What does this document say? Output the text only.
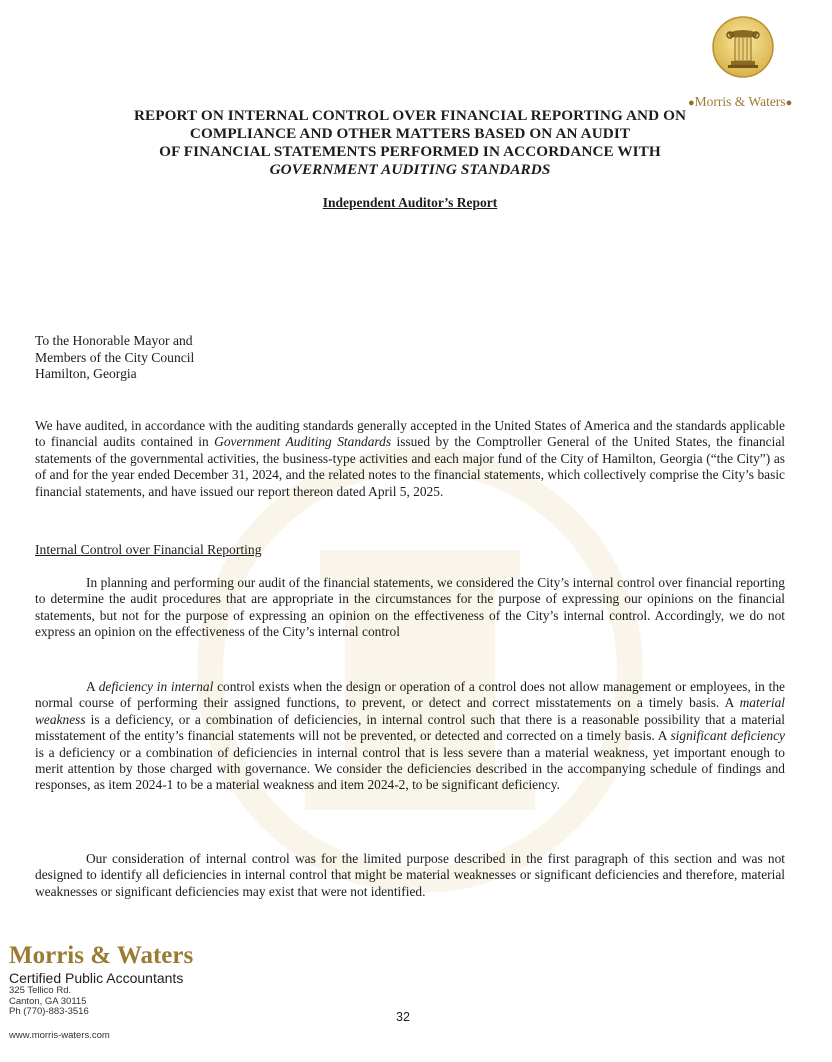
●Morris & Waters●
REPORT ON INTERNAL CONTROL OVER FINANCIAL REPORTING AND ON
COMPLIANCE AND OTHER MATTERS BASED ON AN AUDIT
OF FINANCIAL STATEMENTS PERFORMED IN ACCORDANCE WITH
GOVERNMENT AUDITING STANDARDS
Independent Auditor’s Report
To the Honorable Mayor and
Members of the City Council
Hamilton, Georgia

We have audited, in accordance with the auditing standards generally accepted in the United States of America and the standards applicable to financial audits contained in Government Auditing Standards issued by the Comptroller General of the United States, the financial statements of the governmental activities, the business-type activities and each major fund of the City of Hamilton, Georgia (“the City”) as of and for the year ended December 31, 2024, and the related notes to the financial statements, which collectively comprise the City’s basic financial statements, and have issued our report thereon dated April 5, 2025.

Internal Control over Financial Reporting

In planning and performing our audit of the financial statements, we considered the City’s internal control over financial reporting to determine the audit procedures that are appropriate in the circumstances for the purpose of expressing our opinions on the financial statements, but not for the purpose of expressing an opinion on the effectiveness of the City’s internal control. Accordingly, we do not express an opinion on the effectiveness of the City’s internal control

A deficiency in internal control exists when the design or operation of a control does not allow management or employees, in the normal course of performing their assigned functions, to prevent, or detect and correct misstatements on a timely basis. A material weakness is a deficiency, or a combination of deficiencies, in internal control such that there is a reasonable possibility that a material misstatement of the entity’s financial statements will not be prevented, or detected and corrected on a timely basis. A significant deficiency is a deficiency or a combination of deficiencies in internal control that is less severe than a material weakness, yet important enough to merit attention by those charged with governance. We consider the deficiencies described in the accompanying schedule of findings and responses, as item 2024-1 to be a material weakness and item 2024-2, to be significant deficiency.

Our consideration of internal control was for the limited purpose described in the first paragraph of this section and was not designed to identify all deficiencies in internal control that might be material weaknesses or significant deficiencies and therefore, material weaknesses or significant deficiencies may exist that were not identified.

Morris & Waters
Certified Public Accountants
325 Tellico Rd.
Canton, GA 30115
Ph (770)-883-3516
www.morris-waters.com
32
